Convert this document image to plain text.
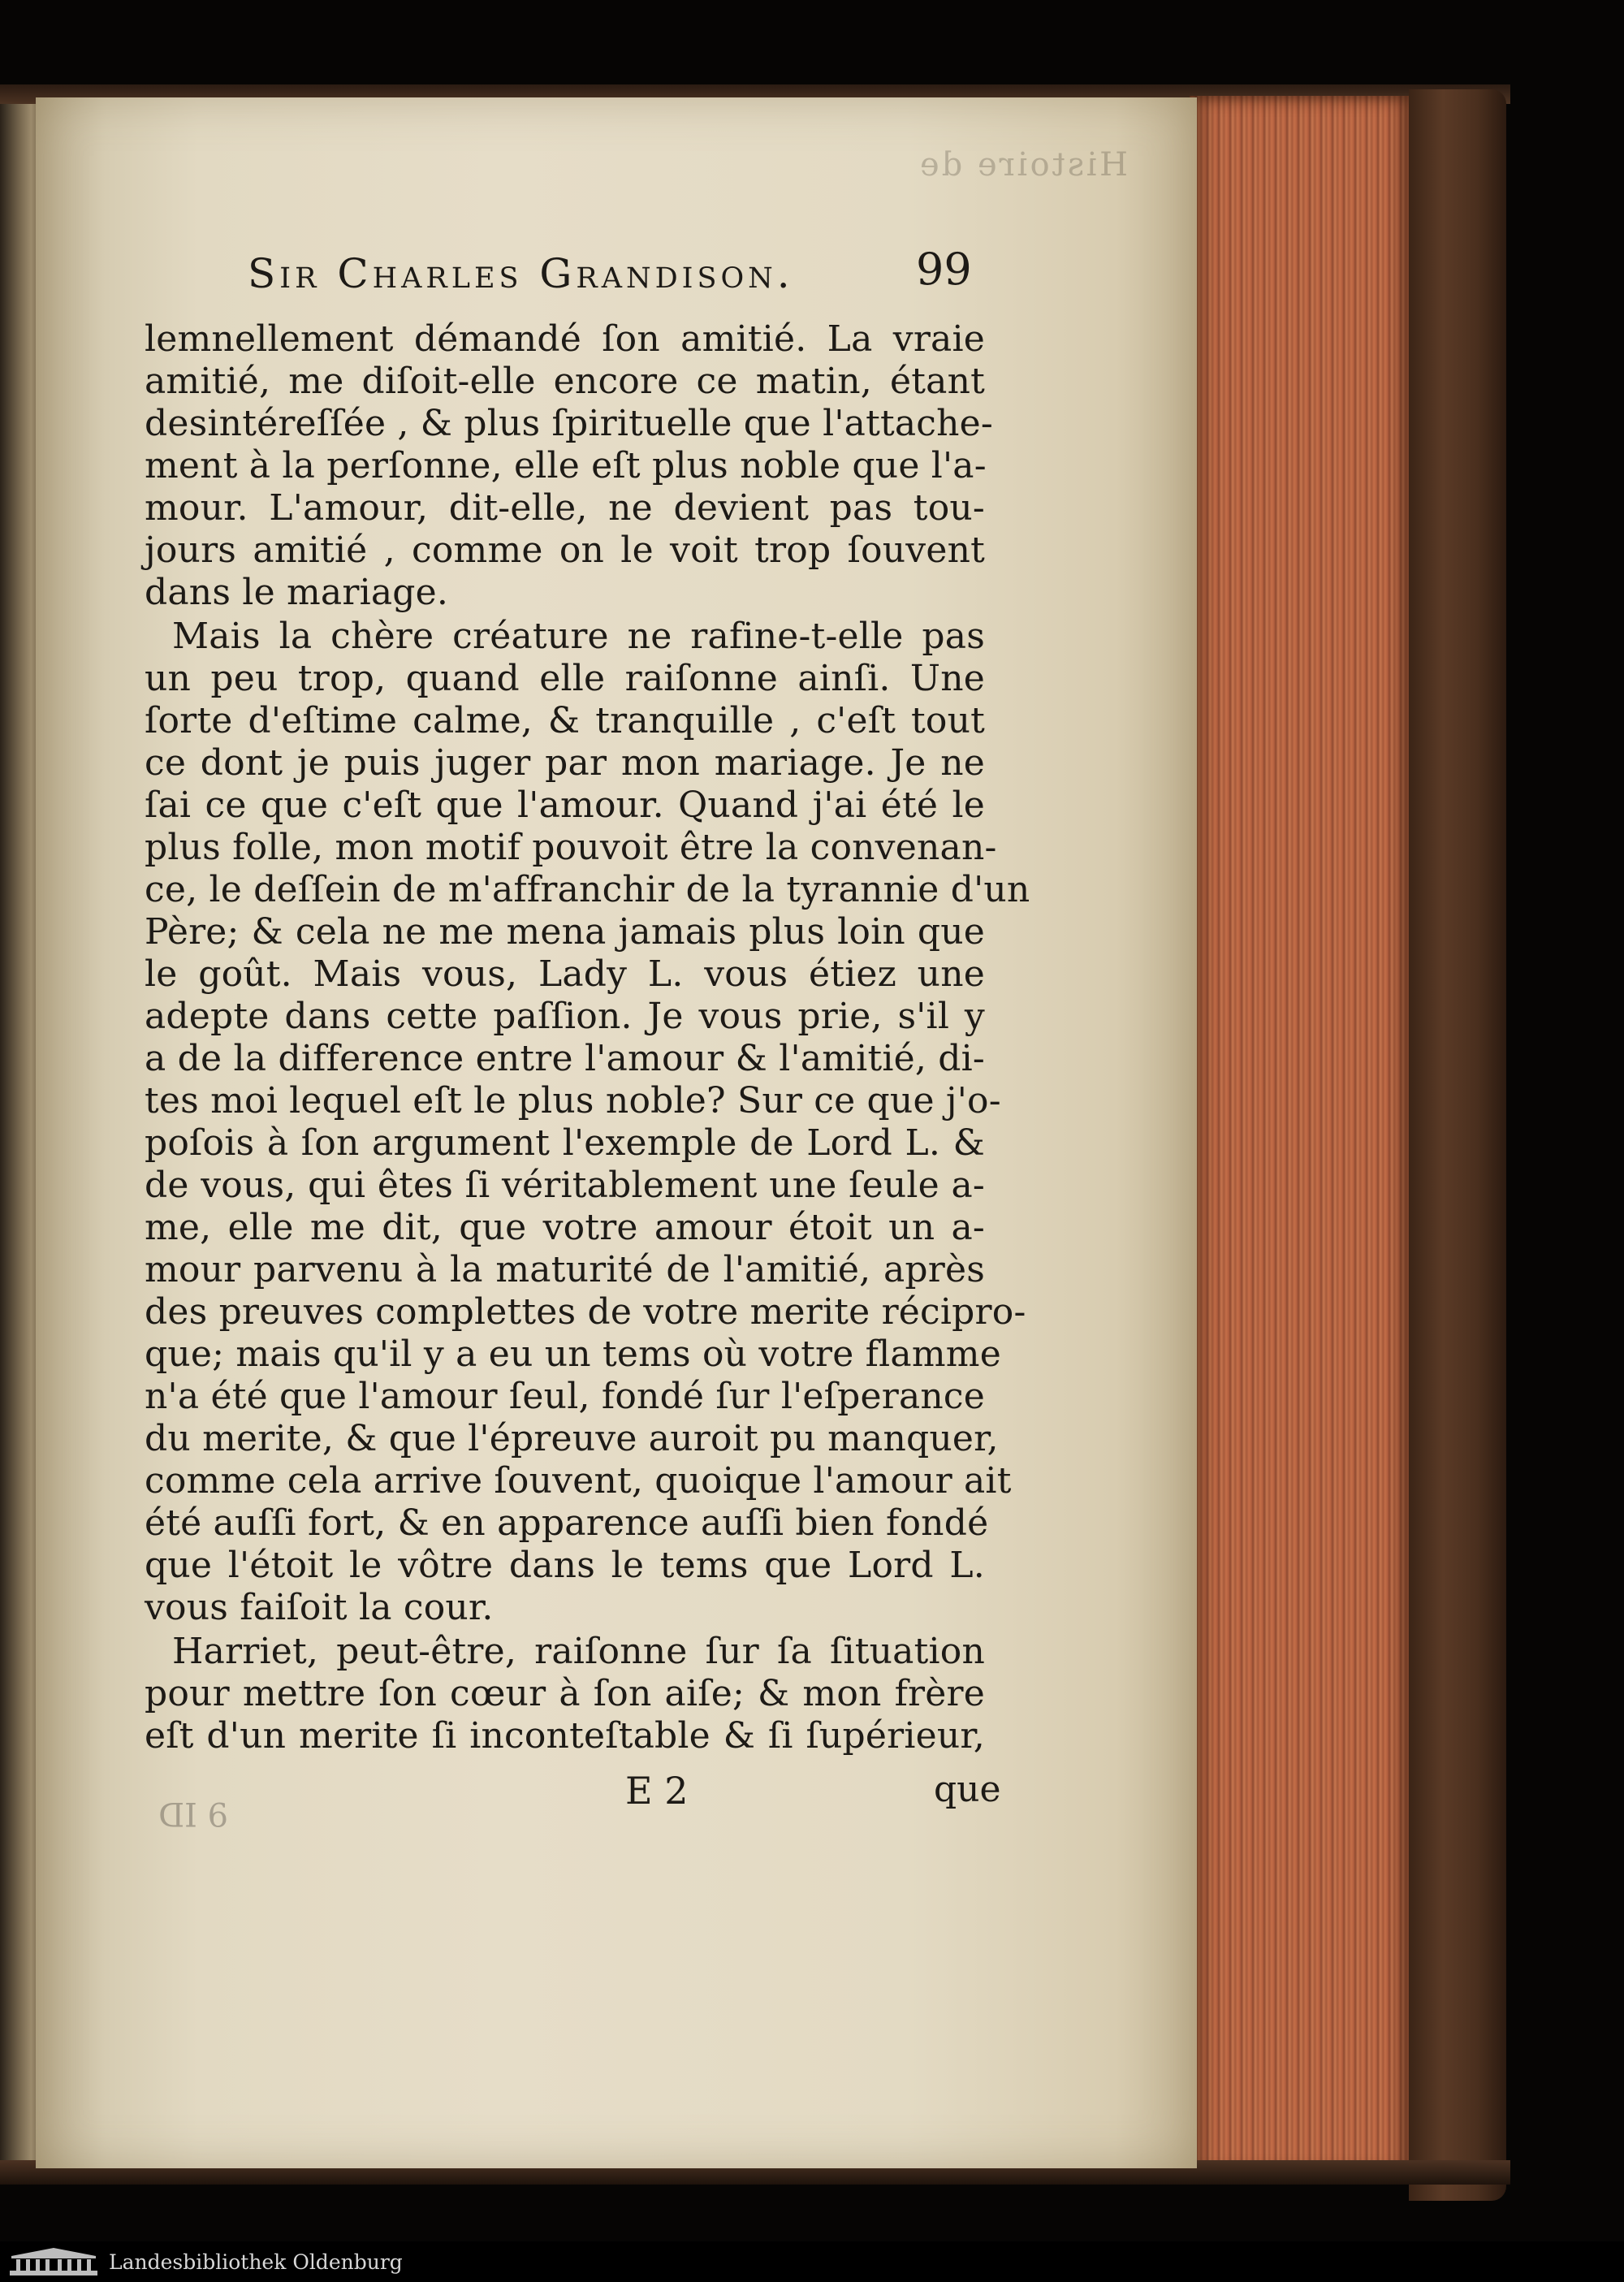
Histoire de
Sir Charles Grandison.	99

lemnellement démandé ſon amitié. La vraie

amitié, me diſoit-elle encore ce matin, étant

desintéreſſée , & plus ſpirituelle que l'attache-

ment à la perſonne, elle eſt plus noble que l'a-

mour. L'amour, dit-elle, ne devient pas tou-

jours amitié , comme on le voit trop ſouvent

dans le mariage.

Mais la chère créature ne rafine-t-elle pas

un peu trop, quand elle raiſonne ainſi. Une

ſorte d'eſtime calme, & tranquille , c'eſt tout

ce dont je puis juger par mon mariage. Je ne

ſai ce que c'eſt que l'amour. Quand j'ai été le

plus folle, mon motif pouvoit être la convenan-

ce, le deſſein de m'affranchir de la tyrannie d'un

Père; & cela ne me mena jamais plus loin que

le goût. Mais vous, Lady L. vous étiez une

adepte dans cette paſſion. Je vous prie, s'il y

a de la difference entre l'amour & l'amitié, di-

tes moi lequel eſt le plus noble? Sur ce que j'o-

poſois à ſon argument l'exemple de Lord L. &

de vous, qui êtes ſi véritablement une ſeule a-

me, elle me dit, que votre amour étoit un a-

mour parvenu à la maturité de l'amitié, après

des preuves complettes de votre merite récipro-

que; mais qu'il y a eu un tems où votre flamme

n'a été que l'amour ſeul, fondé ſur l'eſperance

du merite, & que l'épreuve auroit pu manquer,

comme cela arrive ſouvent, quoique l'amour ait

été auſſi fort, & en apparence auſſi bien fondé

que l'étoit le vôtre dans le tems que Lord L.

vous faiſoit la cour.

Harriet, peut-être, raiſonne ſur ſa ſituation

pour mettre ſon cœur à ſon aiſe; & mon frère

eſt d'un merite ſi inconteſtable & ſi ſupérieur,

E 2	que
9 ID
Landesbibliothek Oldenburg
